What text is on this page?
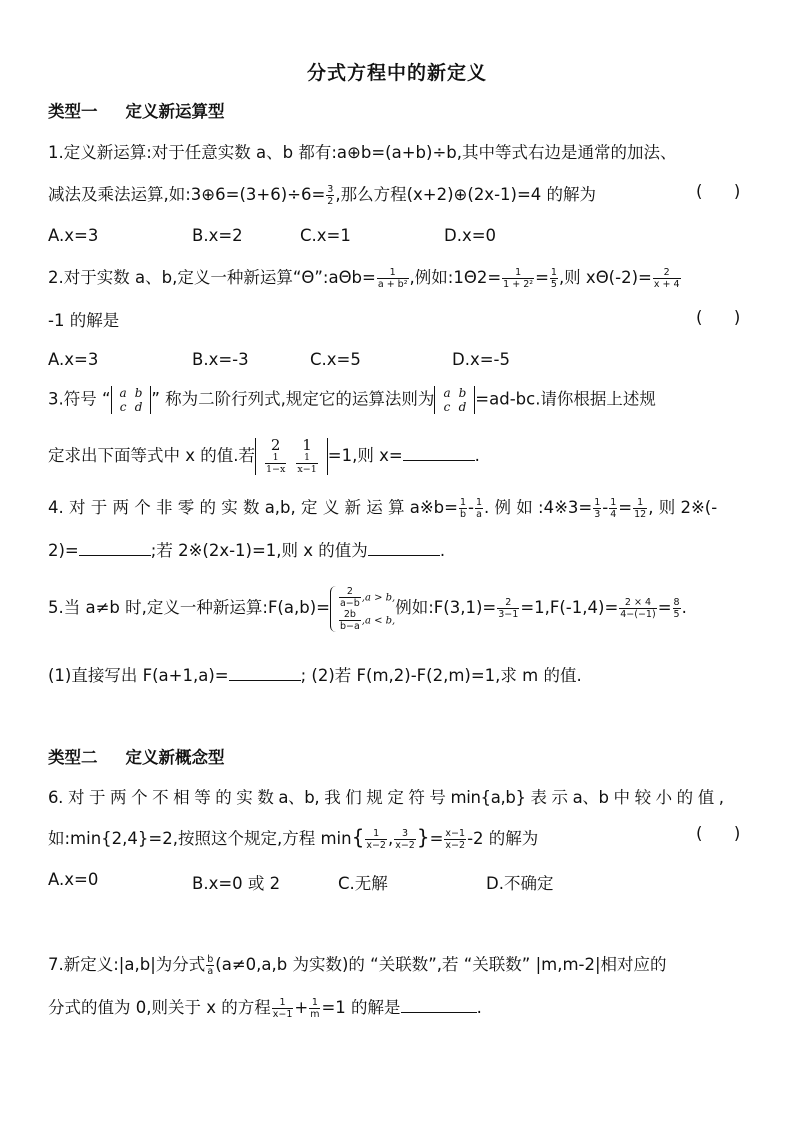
分式方程中的新定义
类型一 定义新运算型
1.定义新运算:对于任意实数 a、b 都有:a⊕b=(a+b)÷b,其中等式右边是通常的加法、
减法及乘法运算,如:3⊕6=(3+6)÷6= $\frac{3}{2}$ ,那么方程(x+2)⊕(2x-1)=4 的解为	(      )
A.x=3	B.x=2	C.x=1	D.x=0
2.对于实数 a、b,定义一种新运算“Θ”:aΘb= $\frac{1}{\text{a + b²}}$ ,例如:1Θ2= $\frac{1}{\text{1 + 2²}} = \frac{1}{5}$ ,则 $x\Theta(-2)= \frac{2}{x + 4}$
-1 的解是	(      )
A.x=3	B.x=-3	C.x=5	D.x=-5
3.符号 “ a	b
c	d ” 称为二阶行列式,规定它的运算法则为 a	b
c	d =ad-bc.请你根据上述规
定求出下面等式中 x 的值.若
2	1

$\frac{1}{1-x}$	$\frac{1}{x-1} =1$,则 x=	.
4. 对 于 两 个 非 零 的 实 数 a,b, 定 义 新 运 算 a※b= $\frac{1}{b} - \frac{1}{a}$ . 例 如 :4※3= $\frac{1}{3} - \frac{1}{4} = \frac{1}{12}$ , 则 2※(-
2)=	;若 2※(2x-1)=1,则 x 的值为	.
5.当 a≠b 时,定义一种新运算:F(a,b)= $\frac{2}{a-b} ,a > b$,
$\frac{2b}{b-a} ,a < b$,
例如:F(3,1)= $\frac{2}{3-1} =1,F(-1,4)= \frac{2 \times 4}{4-(-1)} = \frac{8}{5}$ .
(1)直接写出 F(a+1,a)=	; (2)若 F(m,2)-F(2,m)=1,求 m 的值.
类型二 定义新概念型
6. 对 于 两 个 不 相 等 的 实 数 a、b, 我 们 规 定 符 号 min{a,b} 表 示 a、b 中 较 小 的 值 ,
如:min{2,4}=2,按照这个规定,方程 $\min\{ \frac{1}{x-2}$ , $\frac{3}{x-2}$ }= $\frac{x-1}{x-2} -2$ 的解为	(      )
A.x=0	B.x=0 或 2	C.无解	D.不确定
7.新定义:|a,b|为分式 $\frac{b}{a} (a\ne 0,a,b$ 为实数)的 “关联数”,若 “关联数” |m,m-2|相对应的
分式的值为 0,则关于 x 的方程 $\frac{1}{x-1} + \frac{1}{m} =1$ 的解是	.
